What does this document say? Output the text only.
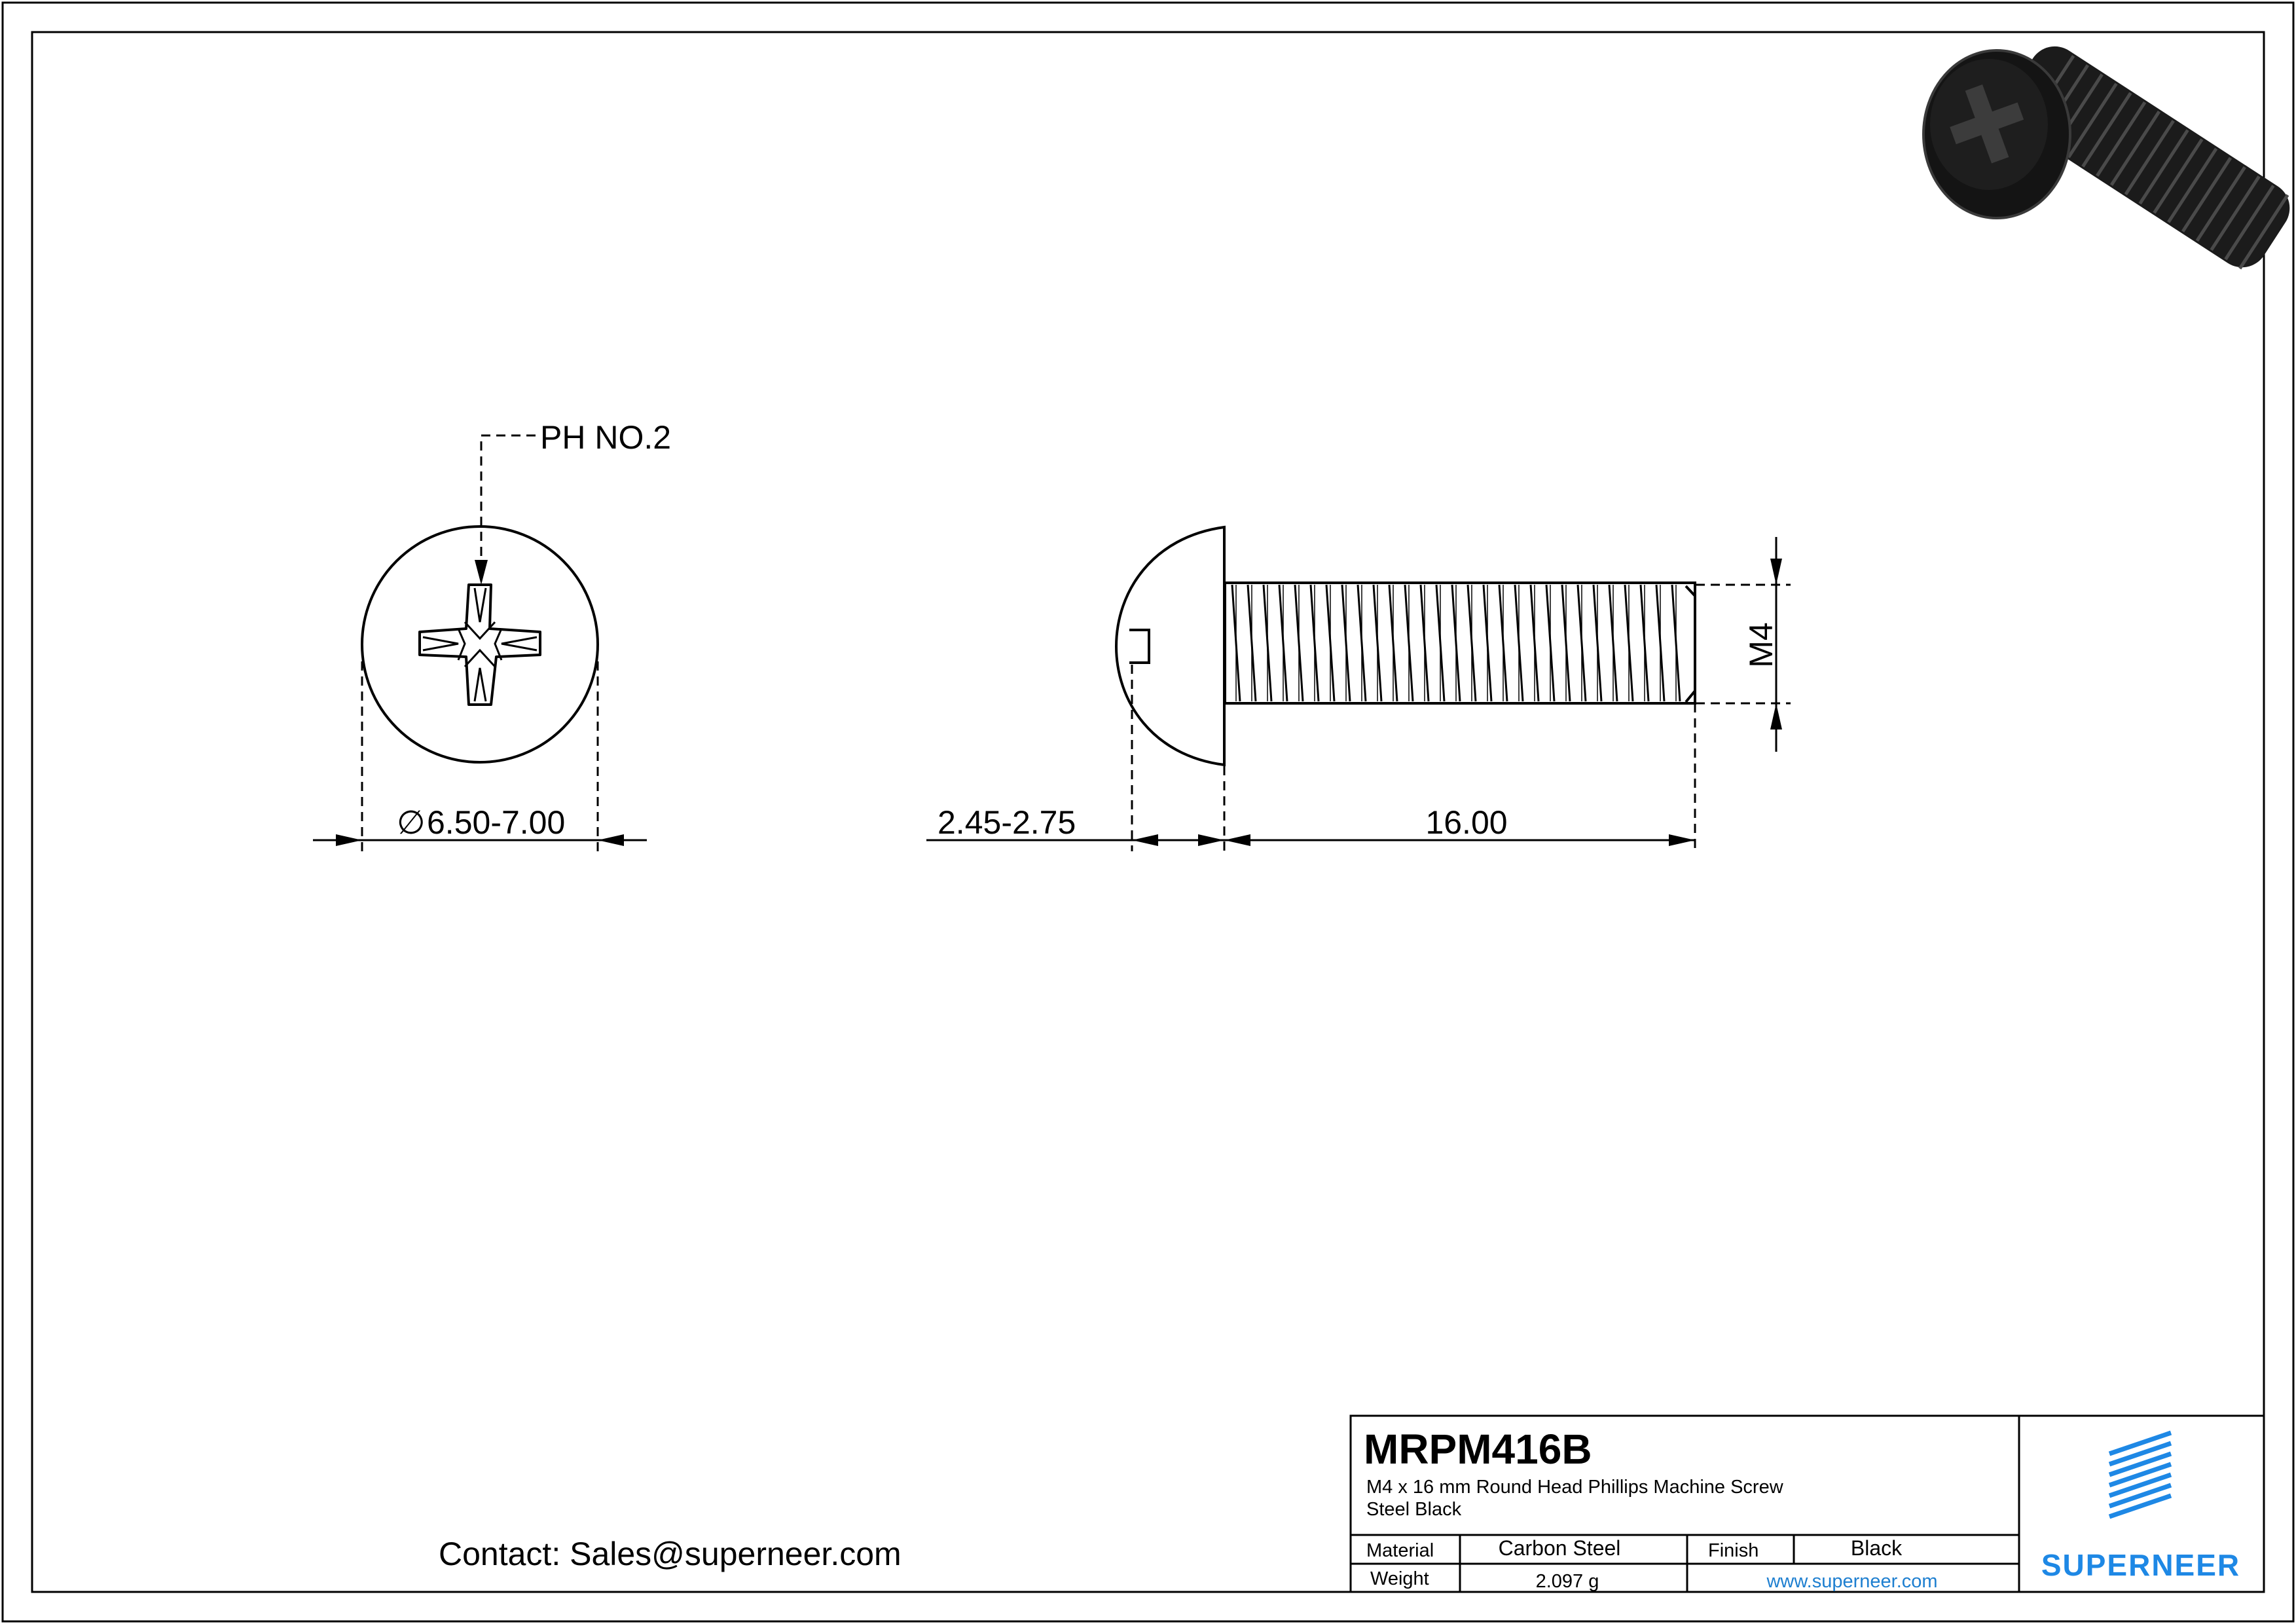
PH NO.2
∅ 6.50-7.00
M4
2.45-2.75	16.00
Contact: Sales@superneer.com
MRPM416B
M4 x 16 mm Round Head Phillips Machine Screw
Steel Black
Material	Carbon Steel	Finish	Black
Weight	2.097 g	www.superneer.com	SUPERNEER
